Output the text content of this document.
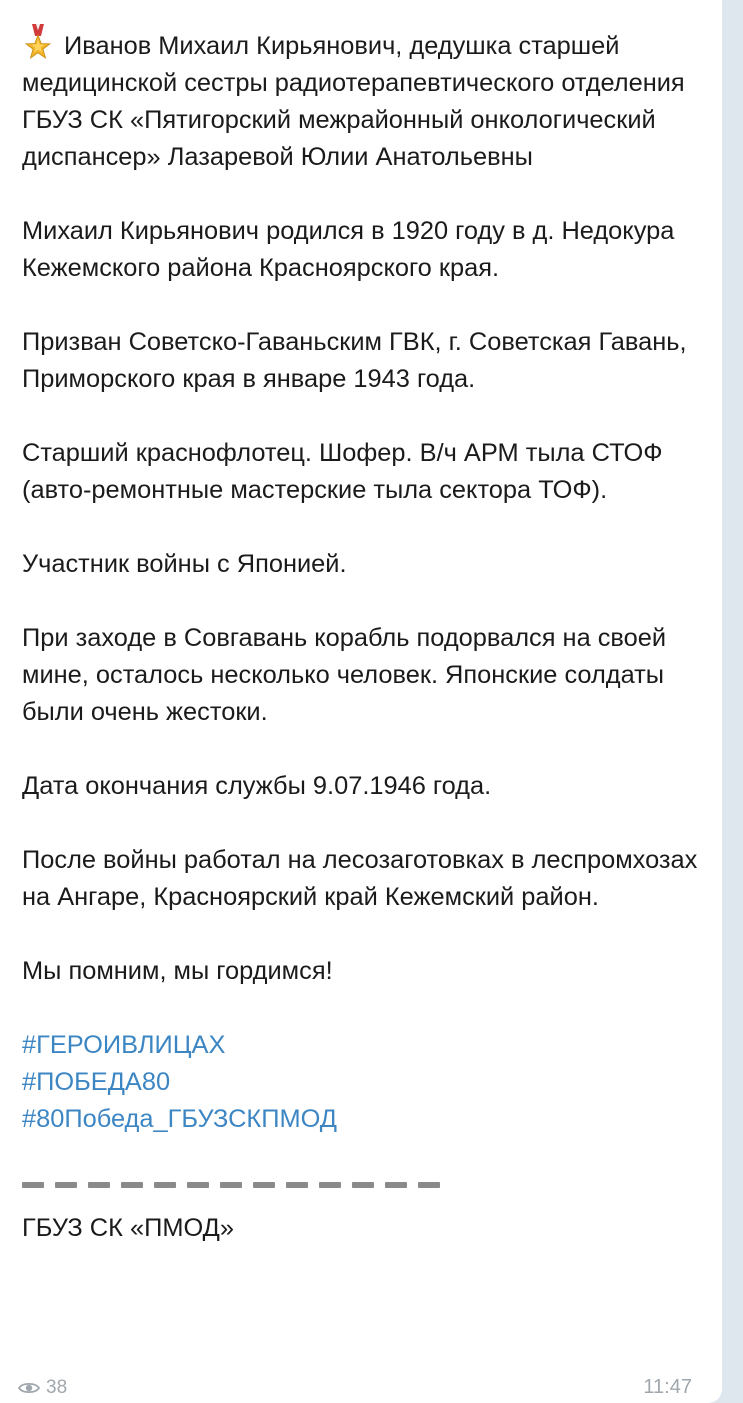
Иванов Михаил Кирьянович, дедушка старшей медицинской сестры радиотерапевтического отделения ГБУЗ СК «Пятигорский межрайонный онкологический диспансер» Лазаревой Юлии Анатольевны

Михаил Кирьянович родился в 1920 году в д. Недокура Кежемского района Красноярского края.

Призван Советско-Гаваньским ГВК, г. Советская Гавань, Приморского края в январе 1943 года.

Старший краснофлотец. Шофер. В/ч АРМ тыла СТОФ (авто-ремонтные мастерские тыла сектора ТОФ).

Участник войны с Японией.

При заходе в Совгавань корабль подорвался на своей мине, осталось несколько человек. Японские солдаты были очень жестоки.

Дата окончания службы 9.07.1946 года.

После войны работал на лесозаготовках в леспромхозах на Ангаре, Красноярский край Кежемский район.

Мы помним, мы гордимся!

#ГЕРОИВЛИЦАХ
#ПОБЕДА80
#80Победа_ГБУЗСКПМОД
ГБУЗ СК «ПМОД»
38	11:47
